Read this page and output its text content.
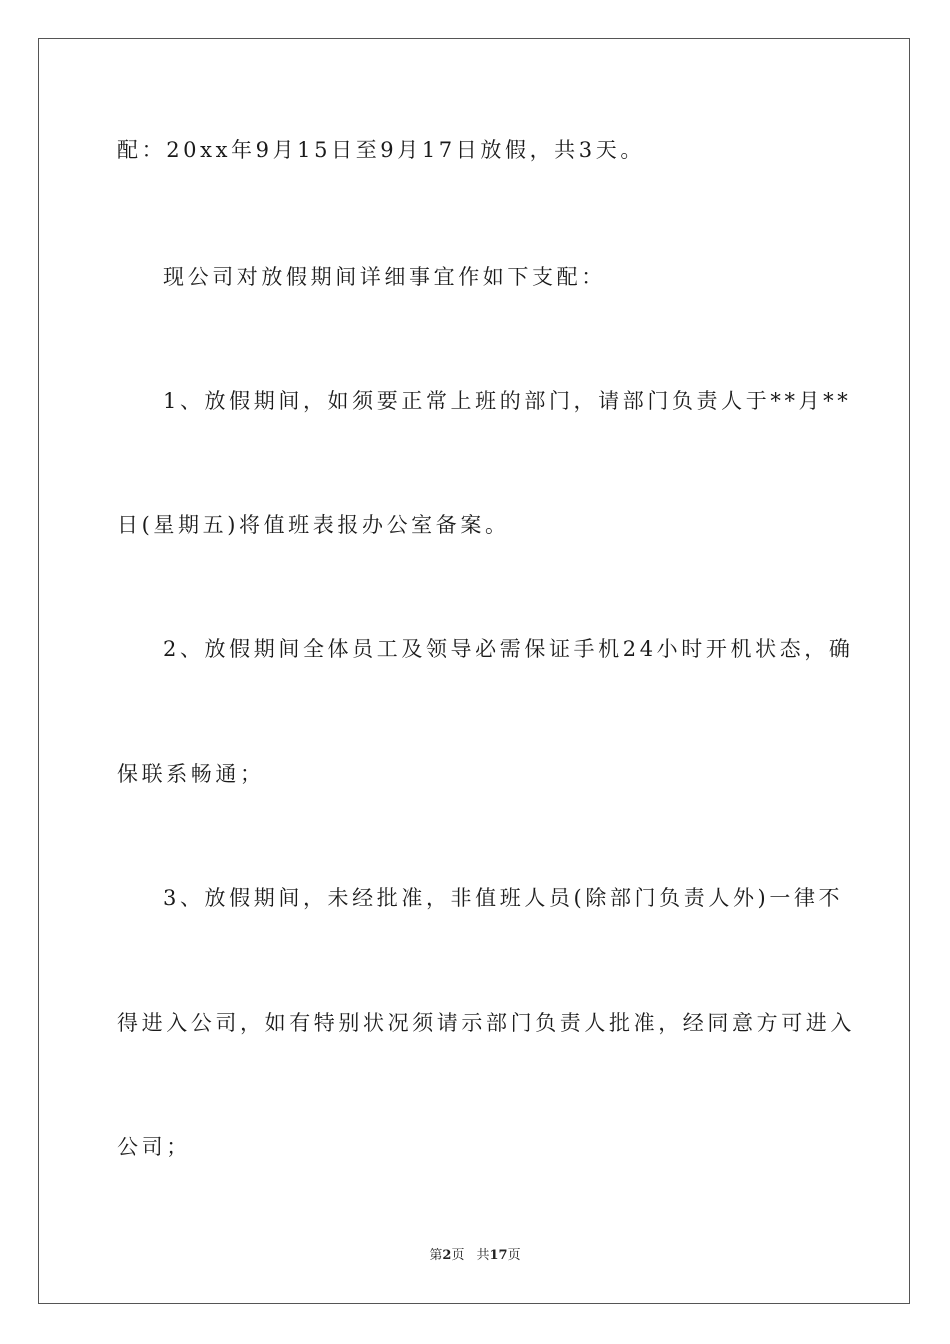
配：20xx年9月15日至9月17日放假，共3天。
现公司对放假期间详细事宜作如下支配：
1、放假期间，如须要正常上班的部门，请部门负责人于**月**
日(星期五)将值班表报办公室备案。
2、放假期间全体员工及领导必需保证手机24小时开机状态，确
保联系畅通；
3、放假期间，未经批准，非值班人员(除部门负责人外)一律不
得进入公司，如有特别状况须请示部门负责人批准，经同意方可进入
公司；
第2页 共17页
